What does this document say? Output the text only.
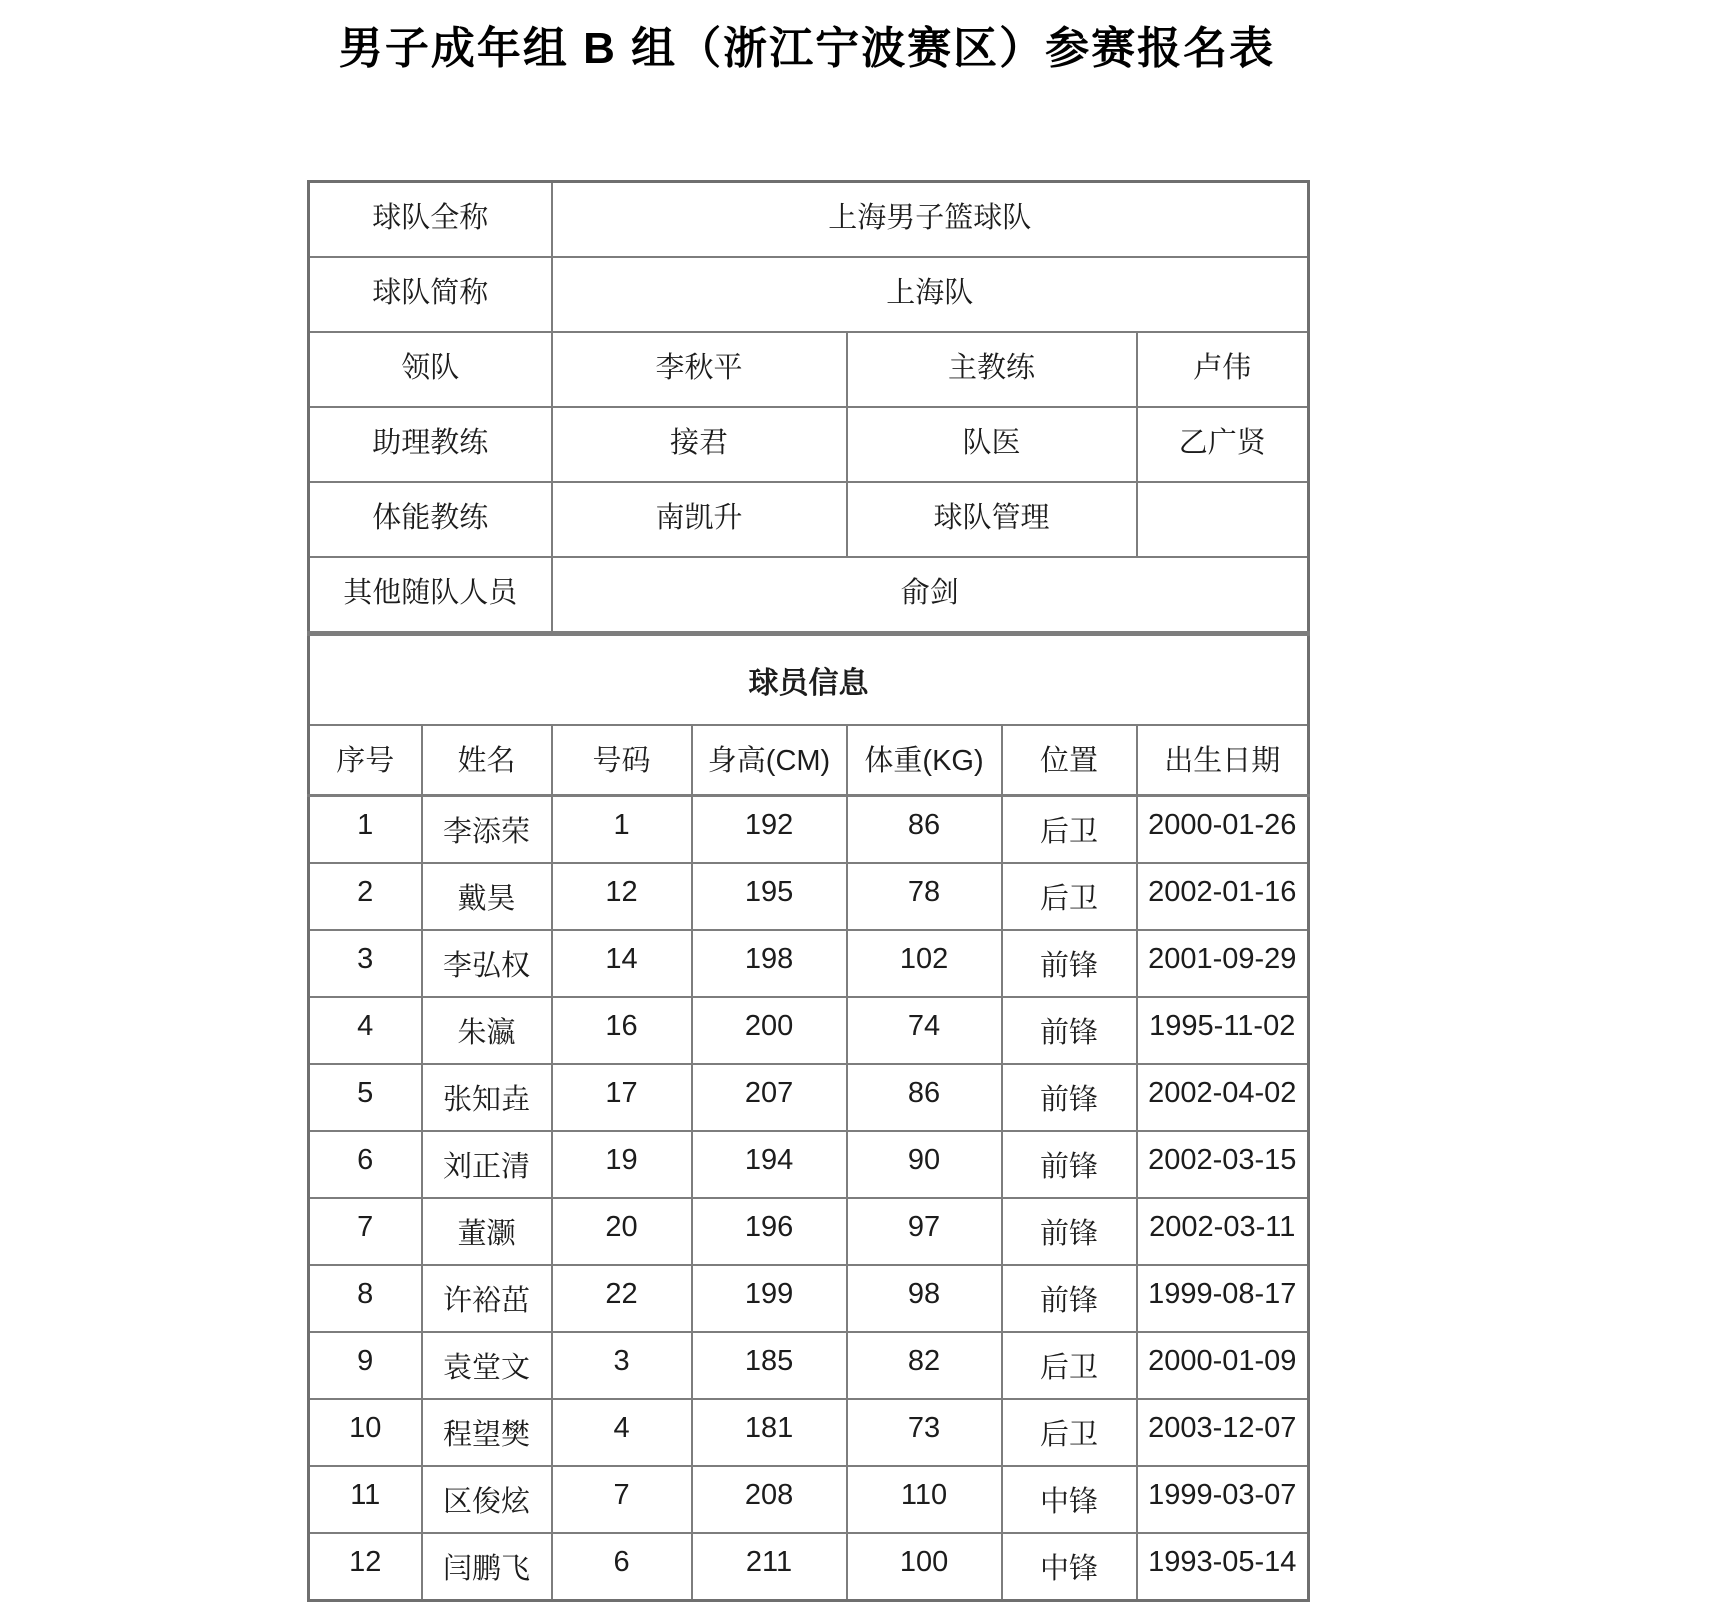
男子成年组 B 组（浙江宁波赛区）参赛报名表
球队全称		上海男子篮球队				
球队简称		上海队				
领队		李秋平		主教练		卢伟
助理教练		接君		队医		乙广贤
体能教练		南凯升		球队管理		
其他随队人员		俞剑				
球员信息						
序号	姓名	号码	身高(CM)	体重(KG)	位置	出生日期
1	李添荣	1	192	86	后卫	2000-01-26
2	戴昊	12	195	78	后卫	2002-01-16
3	李弘权	14	198	102	前锋	2001-09-29
4	朱瀛	16	200	74	前锋	1995-11-02
5	张知垚	17	207	86	前锋	2002-04-02
6	刘正清	19	194	90	前锋	2002-03-15
7	董灏	20	196	97	前锋	2002-03-11
8	许裕茁	22	199	98	前锋	1999-08-17
9	袁堂文	3	185	82	后卫	2000-01-09
10	程望樊	4	181	73	后卫	2003-12-07
11	区俊炫	7	208	110	中锋	1999-03-07
12	闫鹏飞	6	211	100	中锋	1993-05-14
